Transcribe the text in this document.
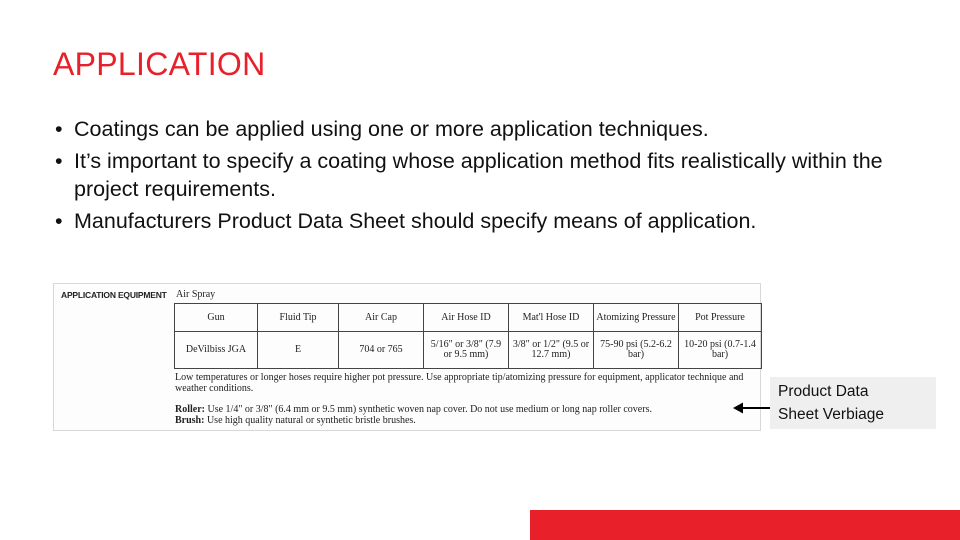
APPLICATION
• Coatings can be applied using one or more application techniques.
• It’s important to specify a coating whose application method fits realistically within the project requirements.
• Manufacturers Product Data Sheet should specify means of application.
APPLICATION EQUIPMENT Air Spray
Gun	Fluid Tip	Air Cap	Air Hose ID	Mat'l Hose ID	Atomizing Pressure	Pot Pressure
DeVilbiss JGA	E	704 or 765	5/16" or 3/8" (7.9 or 9.5 mm)	3/8" or 1/2" (9.5 or 12.7 mm)	75-90 psi (5.2-6.2 bar)	10-20 psi (0.7-1.4 bar)
Low temperatures or longer hoses require higher pot pressure. Use appropriate tip/atomizing pressure for equipment, applicator technique and weather conditions.
Roller: Use 1/4" or 3/8" (6.4 mm or 9.5 mm) synthetic woven nap cover. Do not use medium or long nap roller covers.
Brush: Use high quality natural or synthetic bristle brushes.
Product Data
Sheet Verbiage
